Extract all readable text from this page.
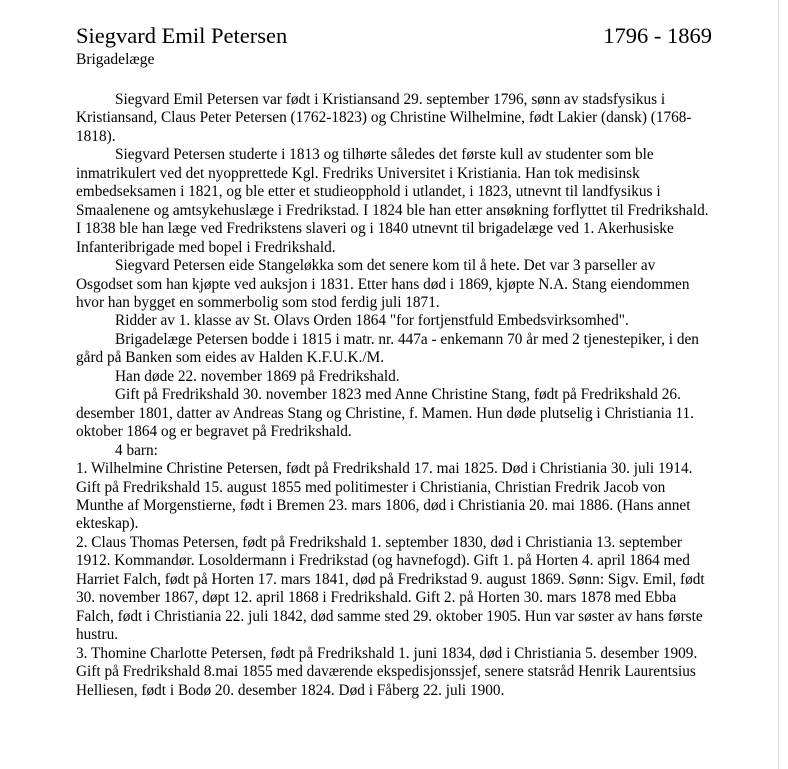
Siegvard Emil Petersen	1796 - 1869
Brigadelæge

Siegvard Emil Petersen var født i Kristiansand 29. september 1796, sønn av stadsfysikus i Kristiansand, Claus Peter Petersen (1762-1823) og Christine Wilhelmine, født Lakier (dansk) (1768-1818).

Siegvard Petersen studerte i 1813 og tilhørte således det første kull av studenter som ble inmatrikulert ved det nyopprettede Kgl. Fredriks Universitet i Kristiania. Han tok medisinsk embedseksamen i 1821, og ble etter et studieopphold i utlandet, i 1823, utnevnt til landfysikus i Smaalenene og amtsykehuslæge i Fredrikstad. I 1824 ble han etter ansøkning forflyttet til Fredrikshald. I 1838 ble han læge ved Fredrikstens slaveri og i 1840 utnevnt til brigadelæge ved 1. Akerhusiske Infanteribrigade med bopel i Fredrikshald.

Siegvard Petersen eide Stangeløkka som det senere kom til å hete. Det var 3 parseller av Osgodset som han kjøpte ved auksjon i 1831. Etter hans død i 1869, kjøpte N.A. Stang eiendommen hvor han bygget en sommerbolig som stod ferdig juli 1871.

Ridder av 1. klasse av St. Olavs Orden 1864 "for fortjenstfuld Embedsvirksomhed".

Brigadelæge Petersen bodde i 1815 i matr. nr. 447a - enkemann 70 år med 2 tjenestepiker, i den gård på Banken som eides av Halden K.F.U.K./M.

Han døde 22. november 1869 på Fredrikshald.

Gift på Fredrikshald 30. november 1823 med Anne Christine Stang, født på Fredrikshald 26. desember 1801, datter av Andreas Stang og Christine, f. Mamen. Hun døde plutselig i Christiania 11. oktober 1864 og er begravet på Fredrikshald.

4 barn:

1. Wilhelmine Christine Petersen, født på Fredrikshald 17. mai 1825. Død i Christiania 30. juli 1914. Gift på Fredrikshald 15. august 1855 med politimester i Christiania, Christian Fredrik Jacob von Munthe af Morgenstierne, født i Bremen 23. mars 1806, død i Christiania 20. mai 1886. (Hans annet ekteskap).

2. Claus Thomas Petersen, født på Fredrikshald 1. september 1830, død i Christiania 13. september 1912. Kommandør. Losoldermann i Fredrikstad (og havnefogd). Gift 1. på Horten 4. april 1864 med Harriet Falch, født på Horten 17. mars 1841, død på Fredrikstad 9. august 1869. Sønn: Sigv. Emil, født 30. november 1867, døpt 12. april 1868 i Fredrikshald. Gift 2. på Horten 30. mars 1878 med Ebba Falch, født i Christiania 22. juli 1842, død samme sted 29. oktober 1905. Hun var søster av hans første hustru.

3. Thomine Charlotte Petersen, født på Fredrikshald 1. juni 1834, død i Christiania 5. desember 1909. Gift på Fredrikshald 8.mai 1855 med daværende ekspedisjonssjef, senere statsråd Henrik Laurentsius Helliesen, født i Bodø 20. desember 1824. Død i Fåberg 22. juli 1900.
